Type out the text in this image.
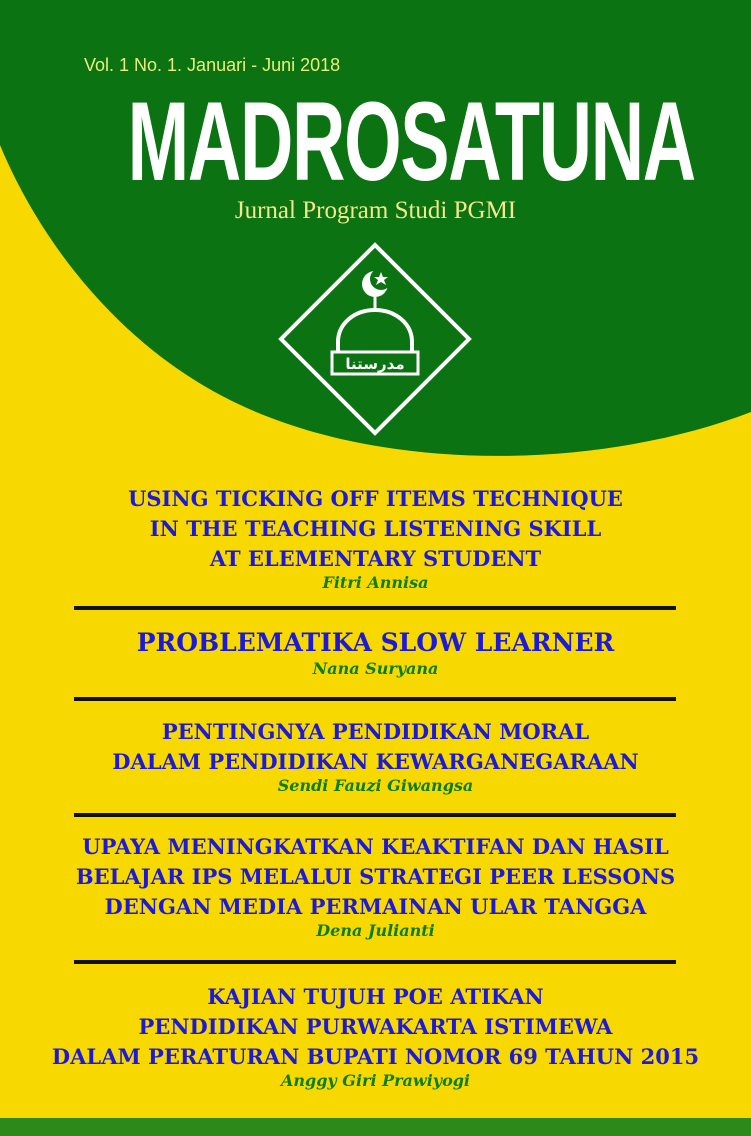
Vol. 1 No. 1. Januari - Juni 2018
MADROSATUNA
Jurnal Program Studi PGMI
مدرستنا
USING TICKING OFF ITEMS TECHNIQUE
IN THE TEACHING LISTENING SKILL
AT ELEMENTARY STUDENT
Fitri Annisa
PROBLEMATIKA SLOW LEARNER
Nana Suryana
PENTINGNYA PENDIDIKAN MORAL
DALAM PENDIDIKAN KEWARGANEGARAAN
Sendi Fauzi Giwangsa
UPAYA MENINGKATKAN KEAKTIFAN DAN HASIL
BELAJAR IPS MELALUI STRATEGI PEER LESSONS
DENGAN MEDIA PERMAINAN ULAR TANGGA
Dena Julianti
KAJIAN TUJUH POE ATIKAN
PENDIDIKAN PURWAKARTA ISTIMEWA
DALAM PERATURAN BUPATI NOMOR 69 TAHUN 2015
Anggy Giri Prawiyogi
